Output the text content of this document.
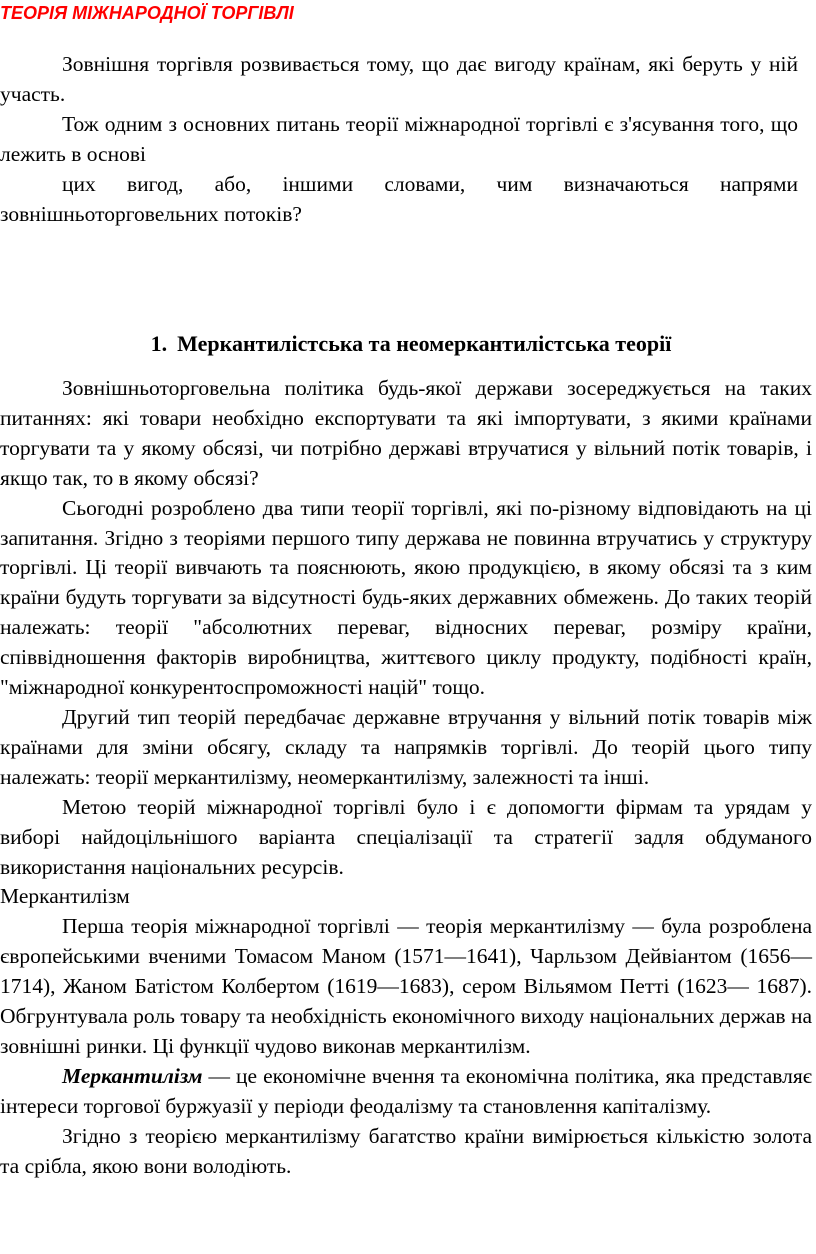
ТЕОРІЯ МІЖНАРОДНОЇ ТОРГІВЛІ

Зовнішня торгівля розвивається тому, що дає вигоду країнам, які беруть у ній участь.

Тож одним з основних питань теорії міжнародної торгівлі є з'ясування того, що лежить в основі

цих вигод, або, іншими словами, чим визначаються напрями зовнішньоторговельних потоків?

1. Меркантилістська та неомеркантилістська теорії

Зовнішньоторговельна політика будь-якої держави зосереджується на таких питаннях: які товари необхідно експортувати та які імпортувати, з якими країнами торгувати та у якому обсязі, чи потрібно державі втручатися у вільний потік товарів, і якщо так, то в якому обсязі?

Сьогодні розроблено два типи теорії торгівлі, які по-різному відповідають на ці запитання. Згідно з теоріями першого типу держава не повинна втручатись у структуру торгівлі. Ці теорії вивчають та пояснюють, якою продукцією, в якому обсязі та з ким країни будуть торгувати за відсутності будь-яких державних обмежень. До таких теорій належать: теорії "абсолютних переваг, відносних переваг, розміру країни, співвідношення факторів виробництва, життєвого циклу продукту, подібності країн, "міжнародної конкурентоспроможності націй" тощо.

Другий тип теорій передбачає державне втручання у вільний потік товарів між країнами для зміни обсягу, складу та напрямків торгівлі. До теорій цього типу належать: теорії меркантилізму, неомеркантилізму, залежності та інші.

Метою теорій міжнародної торгівлі було і є допомогти фірмам та урядам у виборі найдоцільнішого варіанта спеціалізації та стратегії задля обдуманого використання національних ресурсів.

Меркантилізм

Перша теорія міжнародної торгівлі — теорія меркантилізму — була розроблена європейськими вченими Томасом Маном (1571—1641), Чарльзом Дейвіантом (1656—1714), Жаном Батістом Колбертом (1619—1683), сером Вільямом Петті (1623— 1687). Обгрунтувала роль товару та необхідність економічного виходу національних держав на зовнішні ринки. Ці функції чудово виконав меркантилізм.

Меркантилізм — це економічне вчення та економічна політика, яка представляє інтереси торгової буржуазії у періоди феодалізму та становлення капіталізму.

Згідно з теорією меркантилізму багатство країни вимірюється кількістю золота та срібла, якою вони володіють.
